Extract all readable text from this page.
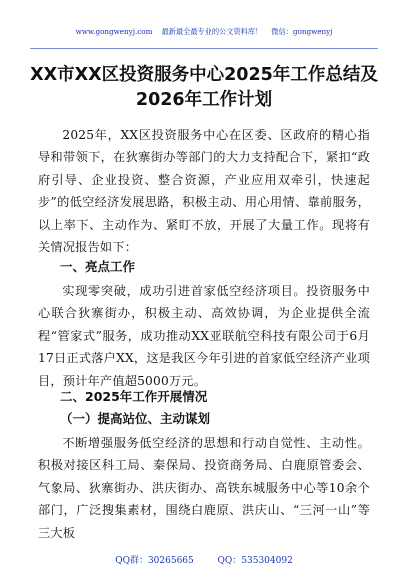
www.gongwenyj.com 最新最全最专业的公文资料库！ 微信：gongwenyj
XX市XX区投资服务中心2025年工作总结及2026年工作计划

2025年，XX区投资服务中心在区委、区政府的精心指导和带领下，在狄寨街办等部门的大力支持配合下，紧扣“政府引导、企业投资、整合资源，产业应用双牵引，快速起步”的低空经济发展思路，积极主动、用心用情、靠前服务，以上率下、主动作为、紧盯不放，开展了大量工作。现将有关情况报告如下：

一、亮点工作

实现零突破，成功引进首家低空经济项目。投资服务中心联合狄寨街办，积极主动、高效协调，为企业提供全流程“管家式”服务，成功推动XX亚联航空科技有限公司于6月17日正式落户XX，这是我区今年引进的首家低空经济产业项目，预计年产值超5000万元。

二、2025年工作开展情况
（一）提高站位、主动谋划

不断增强服务低空经济的思想和行动自觉性、主动性。积极对接区科工局、秦保局、投资商务局、白鹿原管委会、气象局、狄寨街办、洪庆街办、高铁东城服务中心等10余个部门，广泛搜集素材，围绕白鹿原、洪庆山、“三河一山”等三大板

QQ群：30265665	QQ：535304092
